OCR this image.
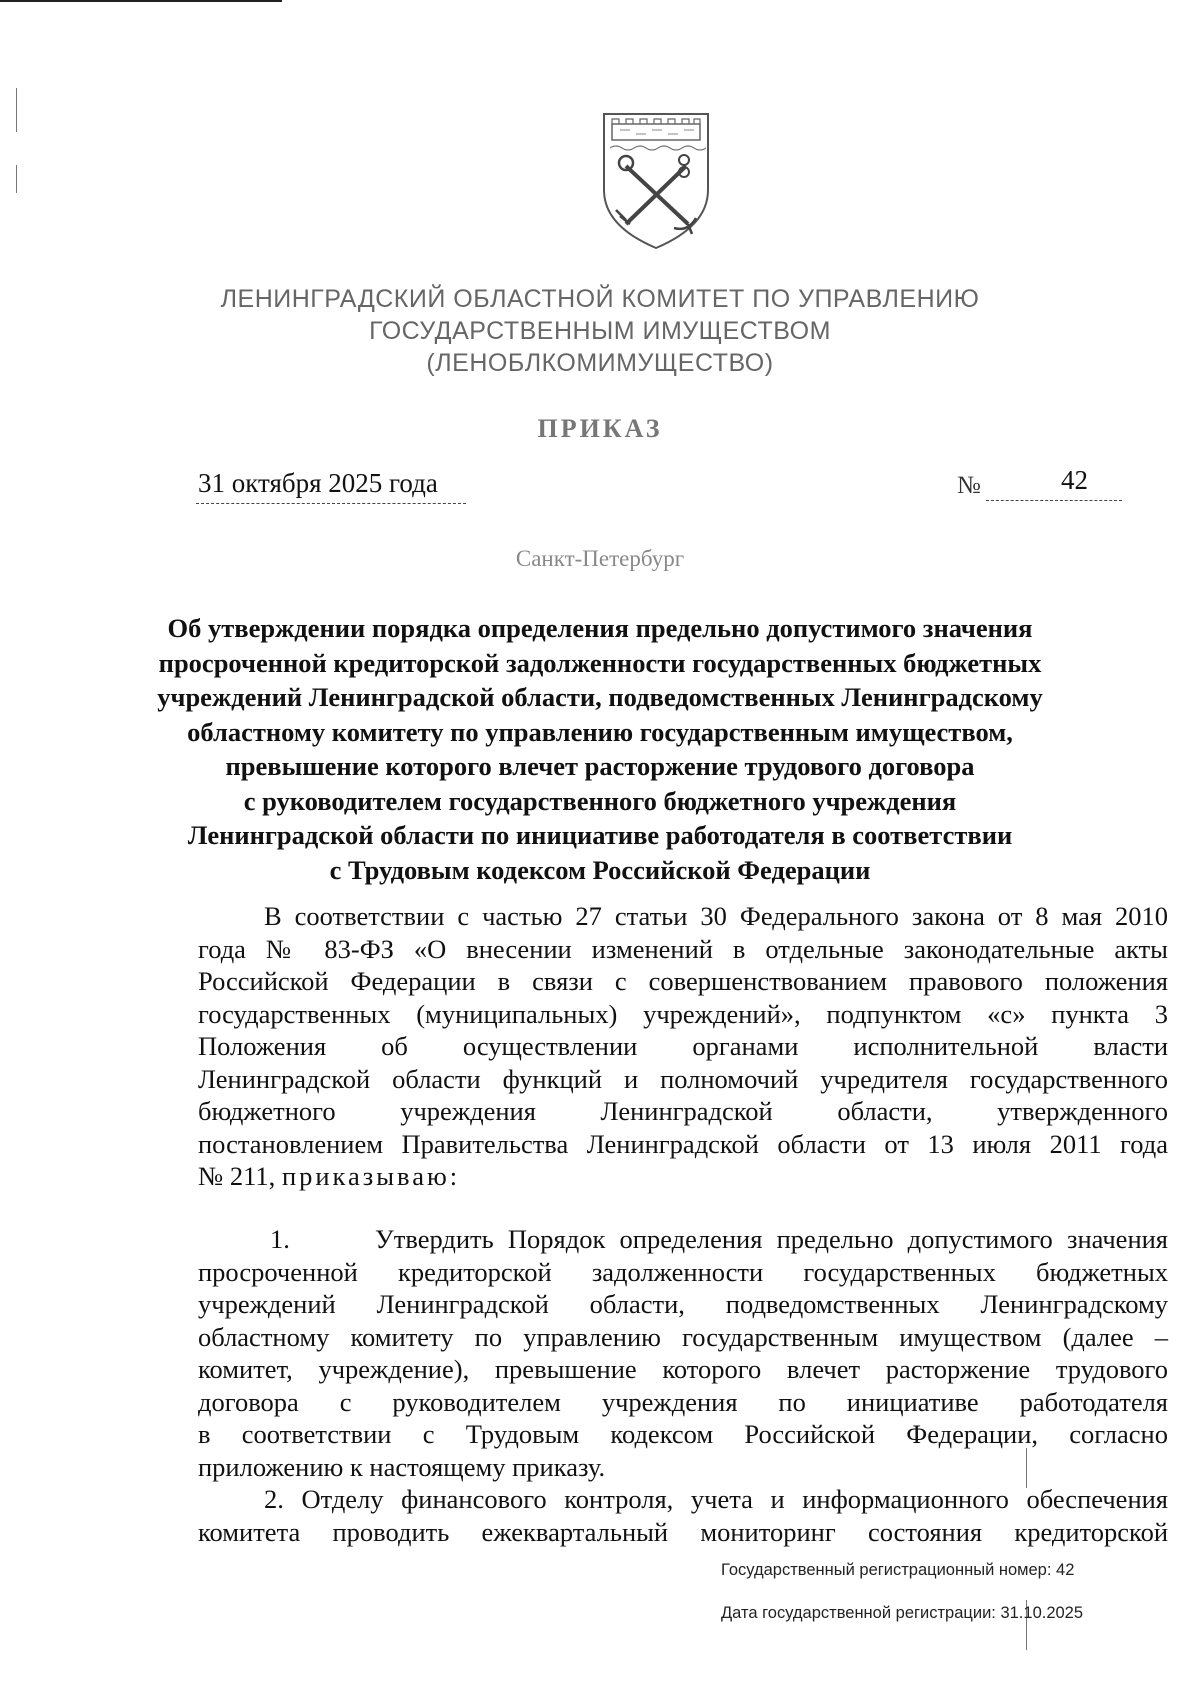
ЛЕНИНГРАДСКИЙ ОБЛАСТНОЙ КОМИТЕТ ПО УПРАВЛЕНИЮ
ГОСУДАРСТВЕННЫМ ИМУЩЕСТВОМ
(ЛЕНОБЛКОМИМУЩЕСТВО)
ПРИКАЗ
31 октября 2025 года	№	42
Санкт-Петербург
Об утверждении порядка определения предельно допустимого значения
просроченной кредиторской задолженности государственных бюджетных
учреждений Ленинградской области, подведомственных Ленинградскому
областному комитету по управлению государственным имуществом,
превышение которого влечет расторжение трудового договора
с руководителем государственного бюджетного учреждения
Ленинградской области по инициативе работодателя в соответствии
с Трудовым кодексом Российской Федерации
В соответствии с частью 27 статьи 30 Федерального закона от 8 мая 2010
года № 83-ФЗ «О внесении изменений в отдельные законодательные акты
Российской Федерации в связи с совершенствованием правового положения
государственных (муниципальных) учреждений», подпунктом «с» пункта 3
Положения об осуществлении органами исполнительной власти
Ленинградской области функций и полномочий учредителя государственного
бюджетного учреждения Ленинградской области, утвержденного
постановлением Правительства Ленинградской области от 13 июля 2011 года
№ 211, приказываю:
1.      Утвердить Порядок определения предельно допустимого значения
просроченной кредиторской задолженности государственных бюджетных
учреждений Ленинградской области, подведомственных Ленинградскому
областному комитету по управлению государственным имуществом (далее –
комитет, учреждение), превышение которого влечет расторжение трудового
договора с руководителем учреждения по инициативе работодателя
в соответствии с Трудовым кодексом Российской Федерации, согласно
приложению к настоящему приказу.
2. Отделу финансового контроля, учета и информационного обеспечения
комитета проводить ежеквартальный мониторинг состояния кредиторской
Государственный регистрационный номер: 42
Дата государственной регистрации: 31.10.2025
